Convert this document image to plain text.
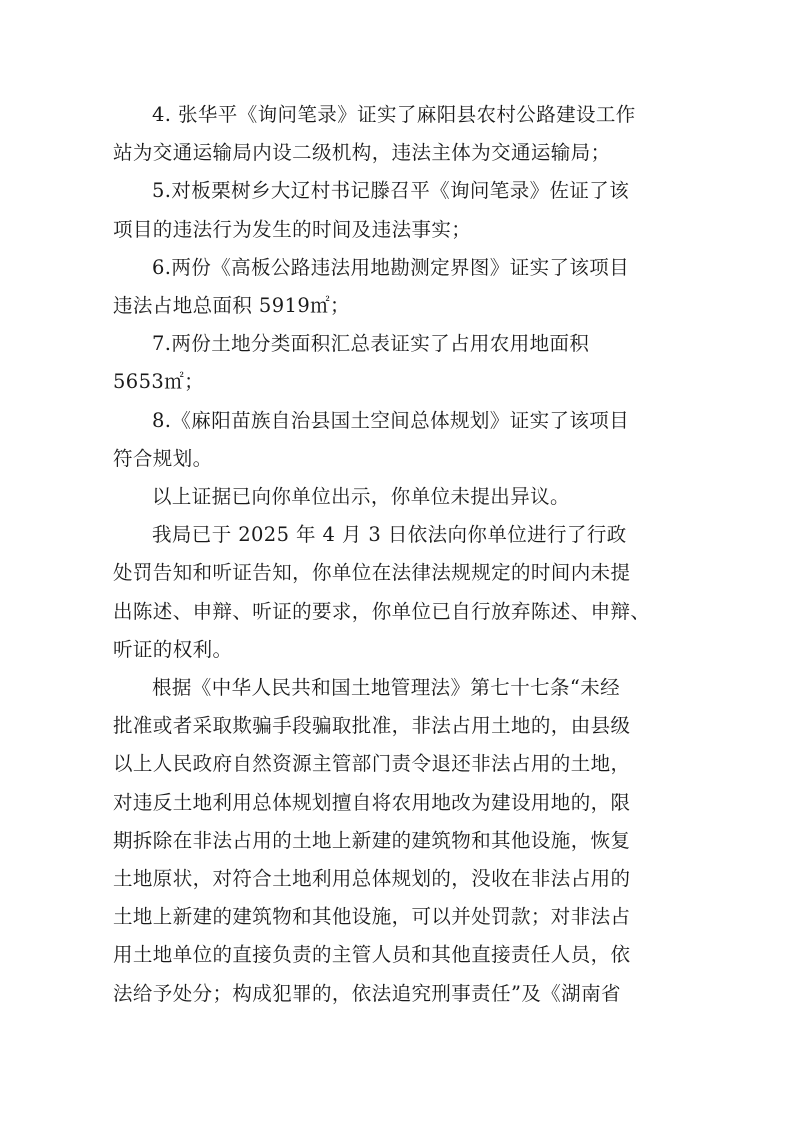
4. 张华平《询问笔录》证实了麻阳县农村公路建设工作
站为交通运输局内设二级机构，违法主体为交通运输局；

5.对板栗树乡大辽村书记滕召平《询问笔录》佐证了该
项目的违法行为发生的时间及违法事实；

6.两份《高板公路违法用地勘测定界图》证实了该项目
违法占地总面积 5919㎡；

7.两份土地分类面积汇总表证实了占用农用地面积
5653㎡；

8.《麻阳苗族自治县国土空间总体规划》证实了该项目
符合规划。

以上证据已向你单位出示，你单位未提出异议。

我局已于 2025 年 4 月 3 日依法向你单位进行了行政
处罚告知和听证告知，你单位在法律法规规定的时间内未提
出陈述、申辩、听证的要求，你单位已自行放弃陈述、申辩、
听证的权利。

根据《中华人民共和国土地管理法》第七十七条“未经
批准或者采取欺骗手段骗取批准，非法占用土地的，由县级
以上人民政府自然资源主管部门责令退还非法占用的土地，
对违反土地利用总体规划擅自将农用地改为建设用地的，限
期拆除在非法占用的土地上新建的建筑物和其他设施，恢复
土地原状，对符合土地利用总体规划的，没收在非法占用的
土地上新建的建筑物和其他设施，可以并处罚款；对非法占
用土地单位的直接负责的主管人员和其他直接责任人员，依
法给予处分；构成犯罪的，依法追究刑事责任”及《湖南省
